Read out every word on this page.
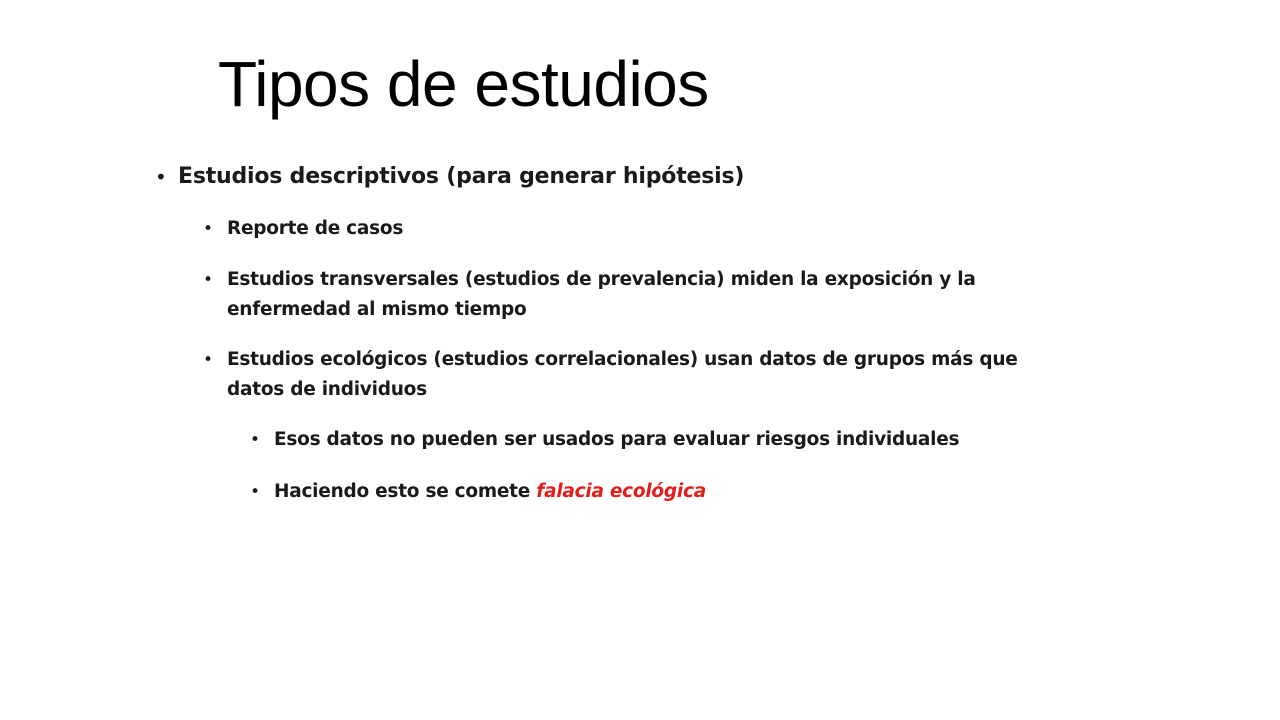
Tipos de estudios
• Estudios descriptivos (para generar hipótesis)
• Reporte de casos
• Estudios transversales (estudios de prevalencia) miden la exposición y la enfermedad al mismo tiempo
• Estudios ecológicos (estudios correlacionales) usan datos de grupos más que datos de individuos
• Esos datos no pueden ser usados para evaluar riesgos individuales
• Haciendo esto se comete falacia ecológica
